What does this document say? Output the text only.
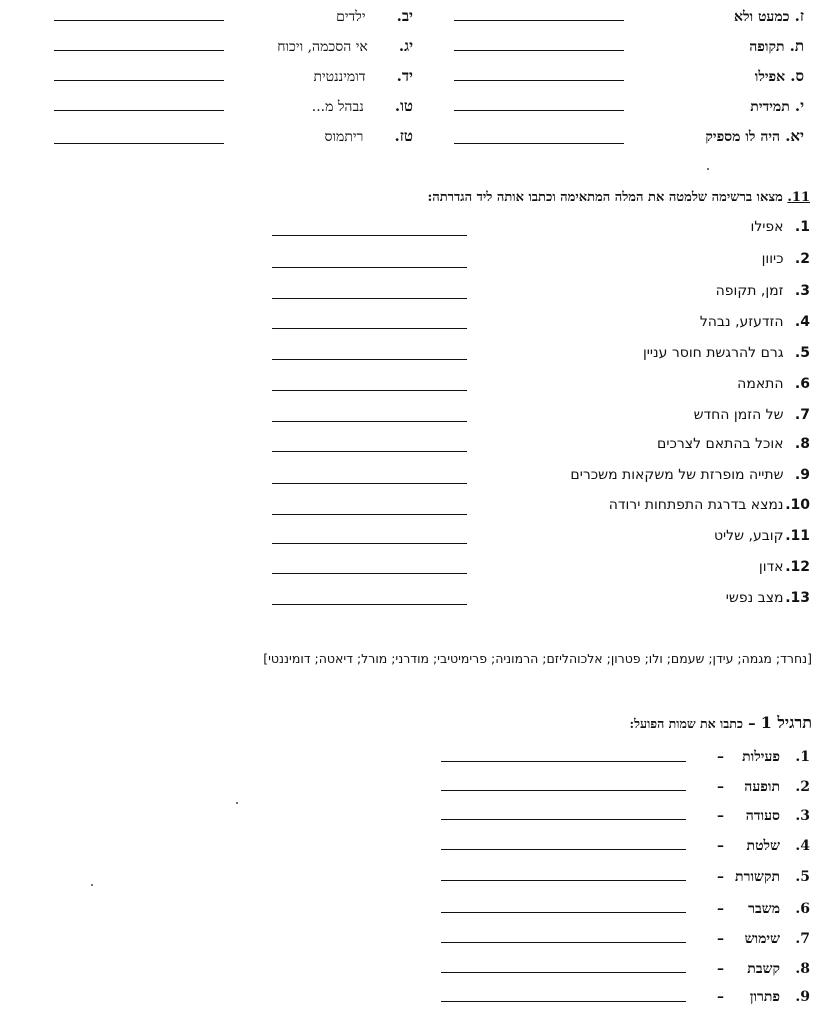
ז. כמעט ולא
ת. תקופה
ס. אפילו
י. תמידית
יא. היה לו מספיק
יב. ילדים
יג. אי הסכמה, ויכוח
יד. דומיננטית
טו. נבהל מ...
טז. ריתמוס
11. מצאו ברשימה שלמטה את המלה המתאימה וכתבו אותה ליד הגדרתה:
1. אפילו
2. כיוון
3. זמן, תקופה
4. הזדעזע, נבהל
5. גרם להרגשת חוסר עניין
6. התאמה
7. של הזמן החדש
8. אוכל בהתאם לצרכים
9. שתייה מופרזת של משקאות משכרים
10. נמצא בדרגת התפתחות ירודה
11. קובע, שליט
12. אדון
13. מצב נפשי
[נחרד; מגמה; עידן; שעמם; ולו; פטרון; אלכוהליזם; הרמוניה; פרימיטיבי; מודרני; מורל; דיאטה; דומיננטי]
תרגיל 1 – כתבו את שמות הפועל:
1.פעילות–
2.תופעה–
3.סעודה–
4.שלטת–
5.תקשורת–
6.משבר–
7.שימוש–
8.קשבת–
9.פתרון–
